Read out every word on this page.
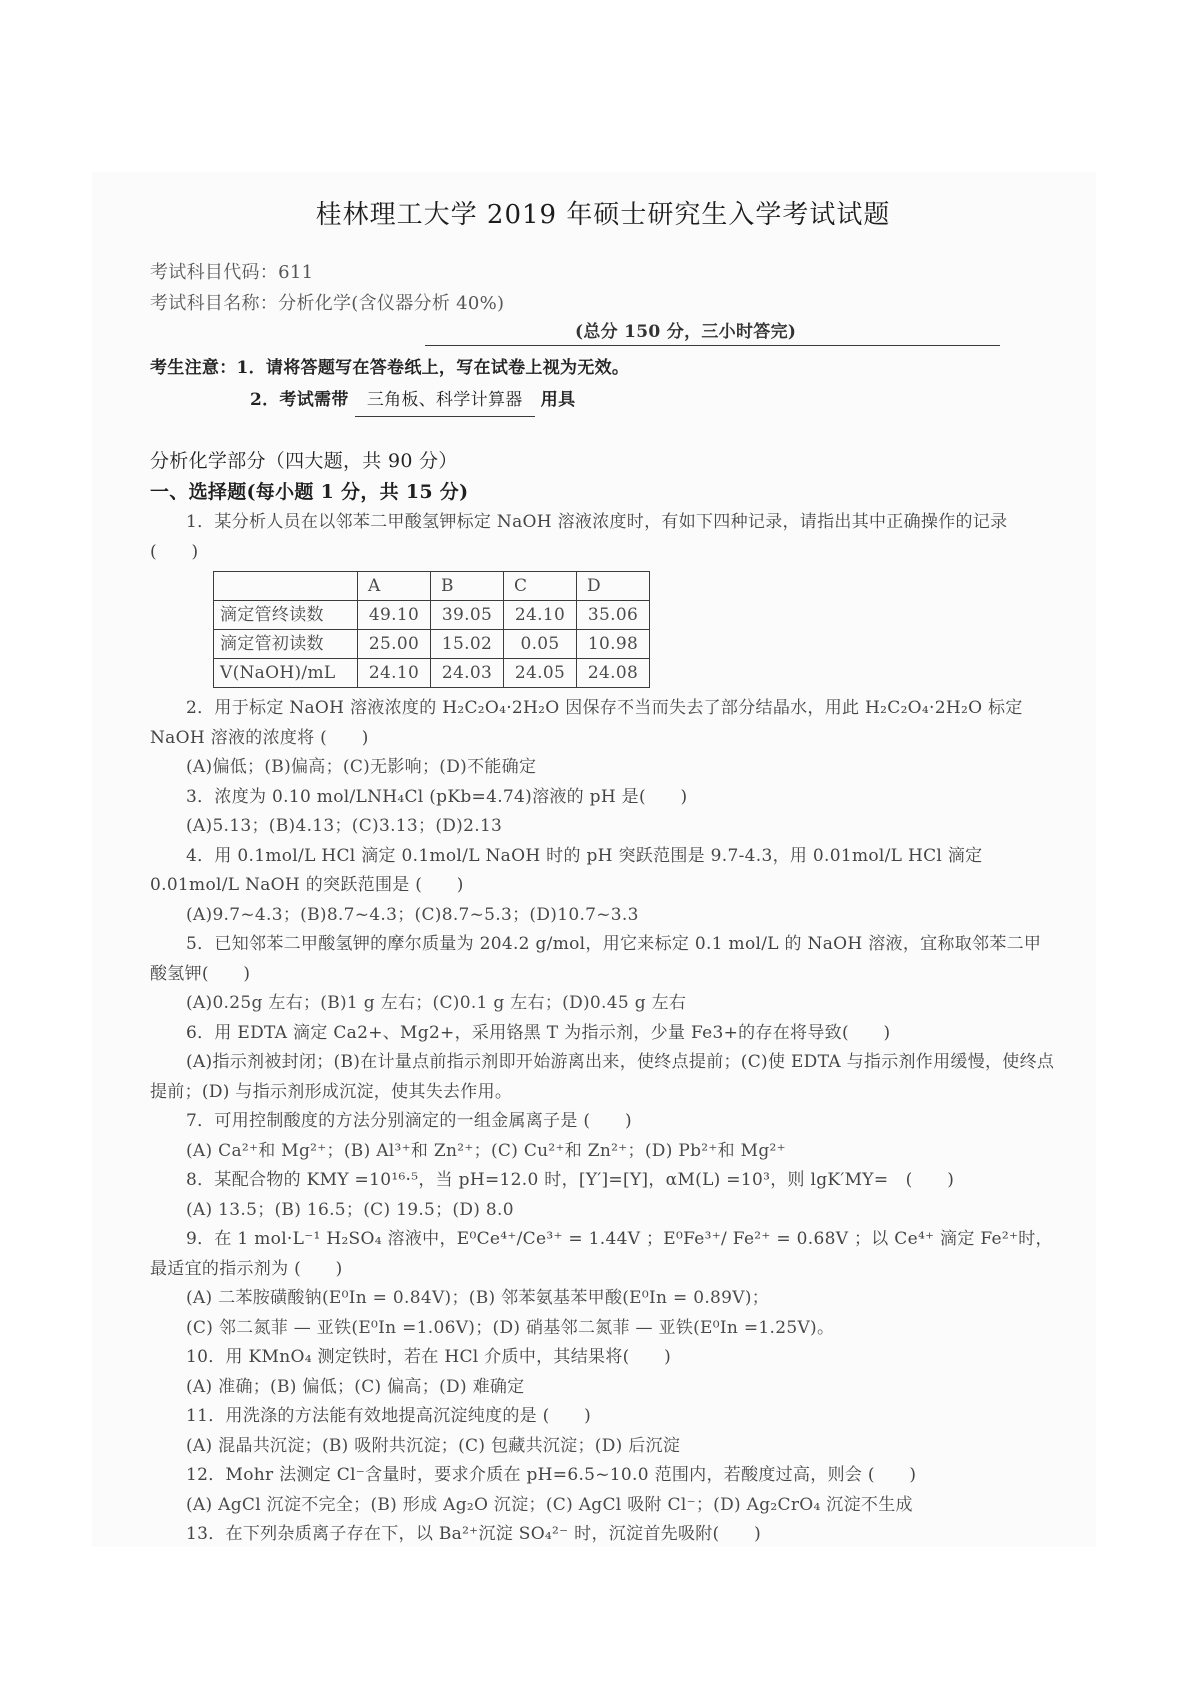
桂林理工大学 2019 年硕士研究生入学考试试题
考试科目代码：611
考试科目名称：分析化学(含仪器分析 40%)
(总分 150 分，三小时答完)
考生注意：1．请将答题写在答卷纸上，写在试卷上视为无效。
2．考试需带 三角板、科学计算器 用具
分析化学部分（四大题，共 90 分）
一、选择题(每小题 1 分，共 15 分)
1．某分析人员在以邻苯二甲酸氢钾标定 NaOH 溶液浓度时，有如下四种记录，请指出其中正确操作的记录 (　　)
	A	B	C	D
滴定管终读数	49.10	39.05	24.10	35.06
滴定管初读数	25.00	15.02	0.05	10.98
V(NaOH)/mL	24.10	24.03	24.05	24.08
2．用于标定 NaOH 溶液浓度的 H₂C₂O₄·2H₂O 因保存不当而失去了部分结晶水，用此 H₂C₂O₄·2H₂O 标定 NaOH 溶液的浓度将 (　　)
(A)偏低；(B)偏高；(C)无影响；(D)不能确定
3．浓度为 0.10 mol/LNH₄Cl (pKb=4.74)溶液的 pH 是(　　)
(A)5.13；(B)4.13；(C)3.13；(D)2.13
4．用 0.1mol/L HCl 滴定 0.1mol/L NaOH 时的 pH 突跃范围是 9.7-4.3，用 0.01mol/L HCl 滴定 0.01mol/L NaOH 的突跃范围是 (　　)
(A)9.7~4.3；(B)8.7~4.3；(C)8.7~5.3；(D)10.7~3.3
5．已知邻苯二甲酸氢钾的摩尔质量为 204.2 g/mol，用它来标定 0.1 mol/L 的 NaOH 溶液，宜称取邻苯二甲酸氢钾(　　)
(A)0.25g 左右；(B)1 g 左右；(C)0.1 g 左右；(D)0.45 g 左右
6．用 EDTA 滴定 Ca2+、Mg2+，采用铬黑 T 为指示剂，少量 Fe3+的存在将导致(　　)
(A)指示剂被封闭；(B)在计量点前指示剂即开始游离出来，使终点提前；(C)使 EDTA 与指示剂作用缓慢，使终点提前；(D) 与指示剂形成沉淀，使其失去作用。
7．可用控制酸度的方法分别滴定的一组金属离子是 (　　)
(A) Ca²⁺和 Mg²⁺；(B) Al³⁺和 Zn²⁺；(C) Cu²⁺和 Zn²⁺；(D) Pb²⁺和 Mg²⁺
8．某配合物的 KMY =10¹⁶·⁵，当 pH=12.0 时，[Y′]=[Y]，αM(L) =10³，则 lgK′MY=　(　　)
(A) 13.5；(B) 16.5；(C) 19.5；(D) 8.0
9．在 1 mol·L⁻¹ H₂SO₄ 溶液中，E⁰Ce⁴⁺/Ce³⁺ = 1.44V ；E⁰Fe³⁺/ Fe²⁺ = 0.68V ；以 Ce⁴⁺ 滴定 Fe²⁺时，最适宜的指示剂为 (　　)
(A) 二苯胺磺酸钠(E⁰In = 0.84V)；(B) 邻苯氨基苯甲酸(E⁰In = 0.89V)；
(C) 邻二氮菲 — 亚铁(E⁰In =1.06V)；(D) 硝基邻二氮菲 — 亚铁(E⁰In =1.25V)。
10．用 KMnO₄ 测定铁时，若在 HCl 介质中，其结果将(　　)
(A) 准确；(B) 偏低；(C) 偏高；(D) 难确定
11．用洗涤的方法能有效地提高沉淀纯度的是 (　　)
(A) 混晶共沉淀；(B) 吸附共沉淀；(C) 包藏共沉淀；(D) 后沉淀
12．Mohr 法测定 Cl⁻含量时，要求介质在 pH=6.5~10.0 范围内，若酸度过高，则会 (　　)
(A) AgCl 沉淀不完全；(B) 形成 Ag₂O 沉淀；(C) AgCl 吸附 Cl⁻；(D) Ag₂CrO₄ 沉淀不生成
13．在下列杂质离子存在下，以 Ba²⁺沉淀 SO₄²⁻ 时，沉淀首先吸附(　　)
